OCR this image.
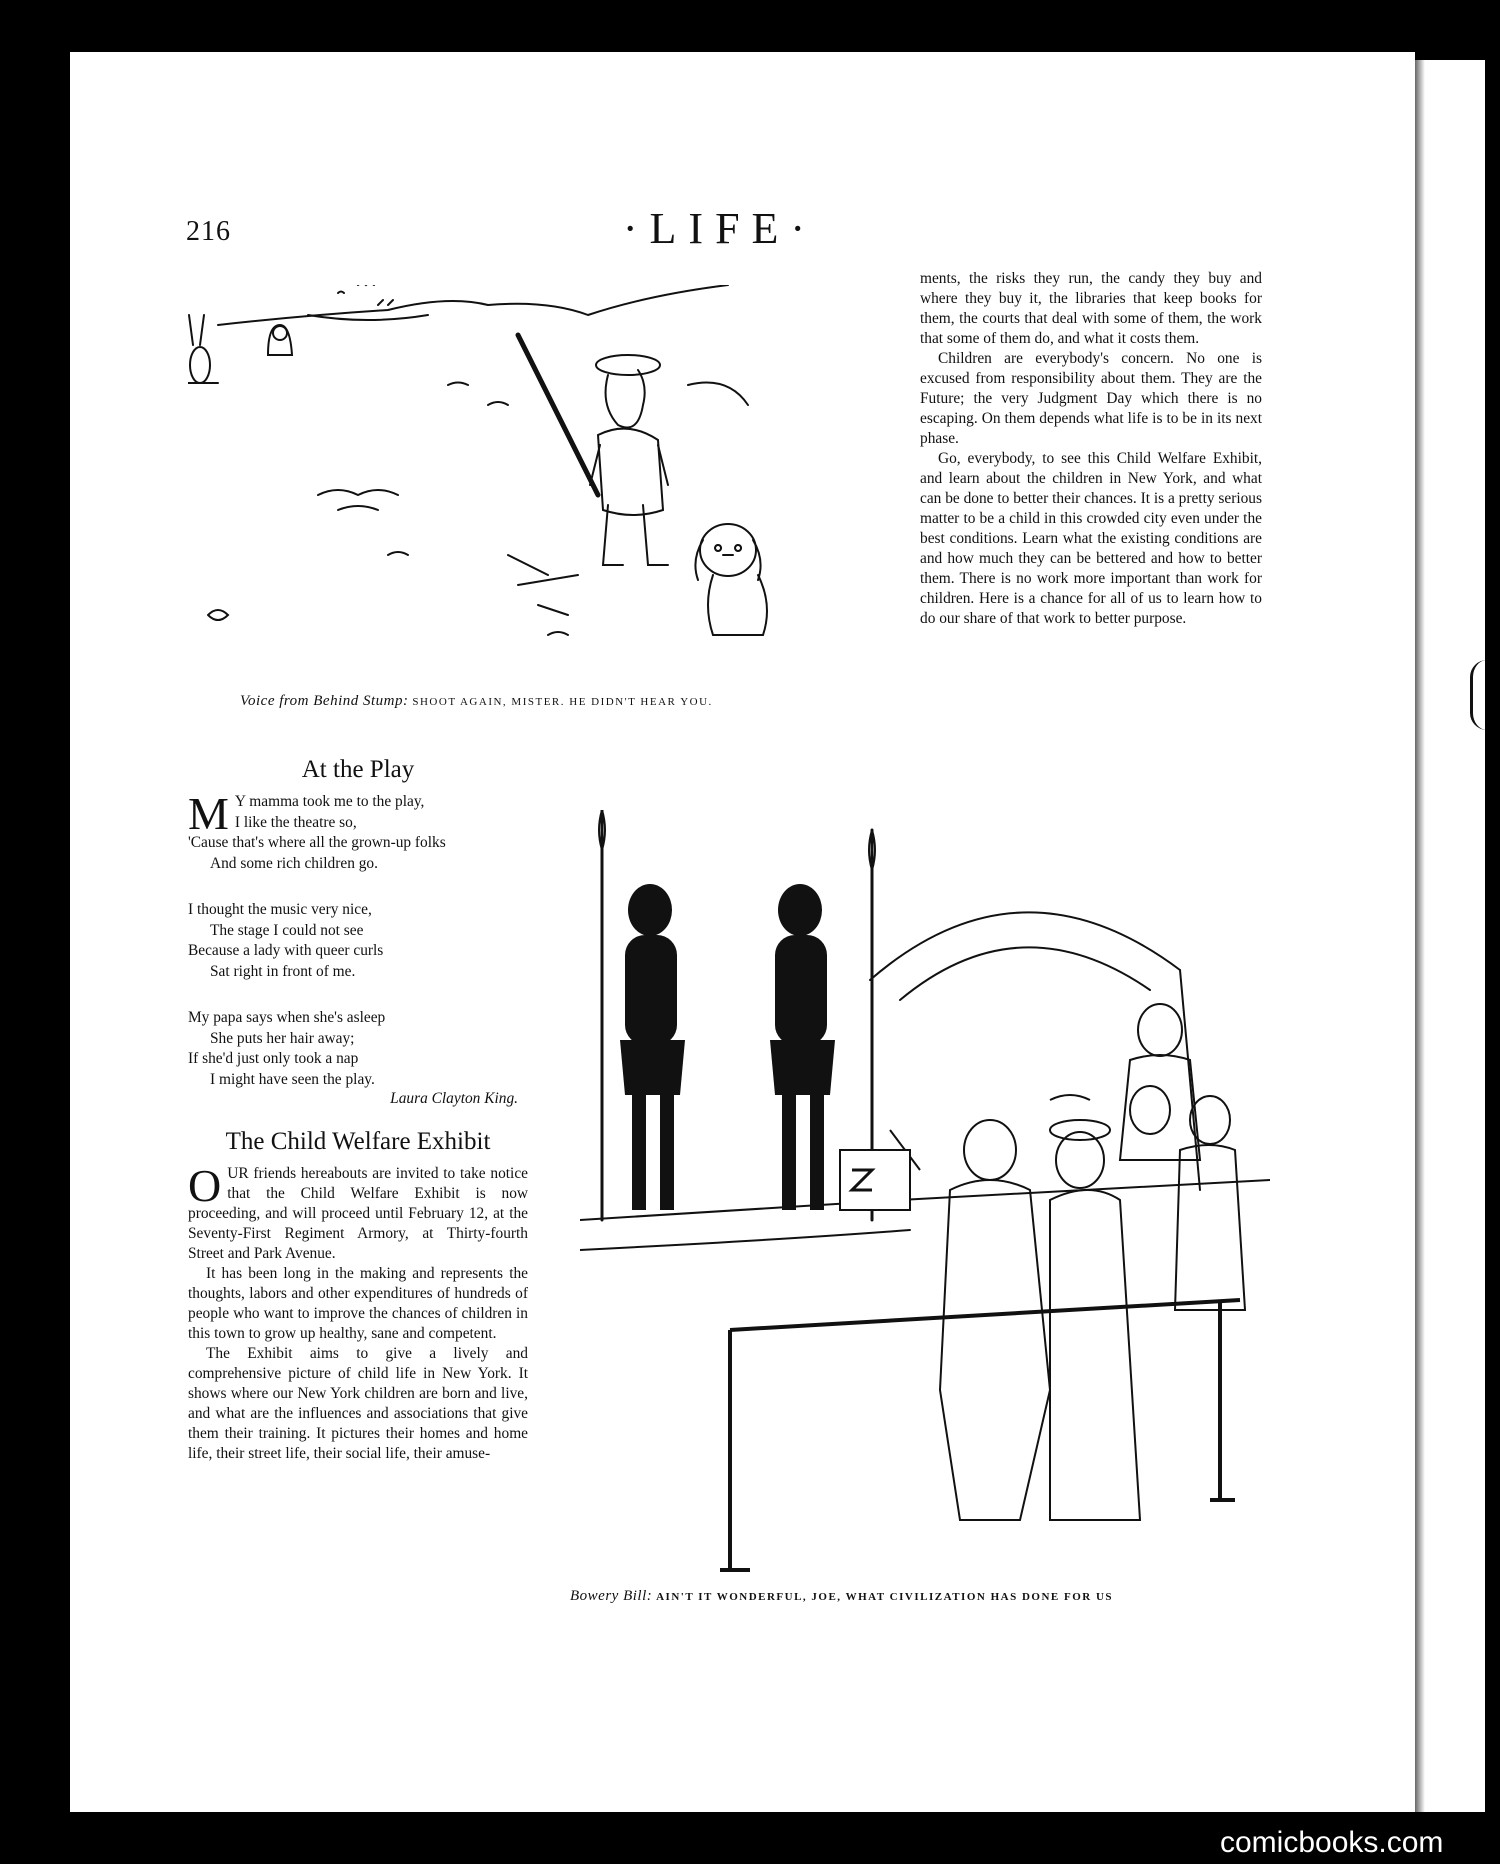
216	·LIFE·
Voice from Behind Stump: SHOOT AGAIN, MISTER. HE DIDN'T HEAR YOU.

ments, the risks they run, the candy they buy and where they buy it, the libraries that keep books for them, the courts that deal with some of them, the work that some of them do, and what it costs them.

Children are everybody's concern. No one is excused from responsibility about them. They are the Future; the very Judgment Day which there is no escaping. On them depends what life is to be in its next phase.

Go, everybody, to see this Child Welfare Exhibit, and learn about the children in New York, and what can be done to better their chances. It is a pretty serious matter to be a child in this crowded city even under the best conditions. Learn what the existing conditions are and how much they can be bettered and how to better them. There is no work more important than work for children. Here is a chance for all of us to learn how to do our share of that work to better purpose.

At the Play
M Y mamma took me to the play,
I like the theatre so,
'Cause that's where all the grown-up folks
And some rich children go.
I thought the music very nice,
The stage I could not see
Because a lady with queer curls
Sat right in front of me.
My papa says when she's asleep
She puts her hair away;
If she'd just only took a nap
I might have seen the play.
Laura Clayton King.
The Child Welfare Exhibit

OUR friends hereabouts are invited to take notice that the Child Welfare Exhibit is now proceeding, and will proceed until February 12, at the Seventy-First Regiment Armory, at Thirty-fourth Street and Park Avenue.

It has been long in the making and represents the thoughts, labors and other expenditures of hundreds of people who want to improve the chances of children in this town to grow up healthy, sane and competent.

The Exhibit aims to give a lively and comprehensive picture of child life in New York. It shows where our New York children are born and live, and what are the influences and associations that give them their training. It pictures their homes and home life, their street life, their social life, their amuse-

Bowery Bill: AIN'T IT WONDERFUL, JOE, WHAT CIVILIZATION HAS DONE FOR US
comicbooks.com
